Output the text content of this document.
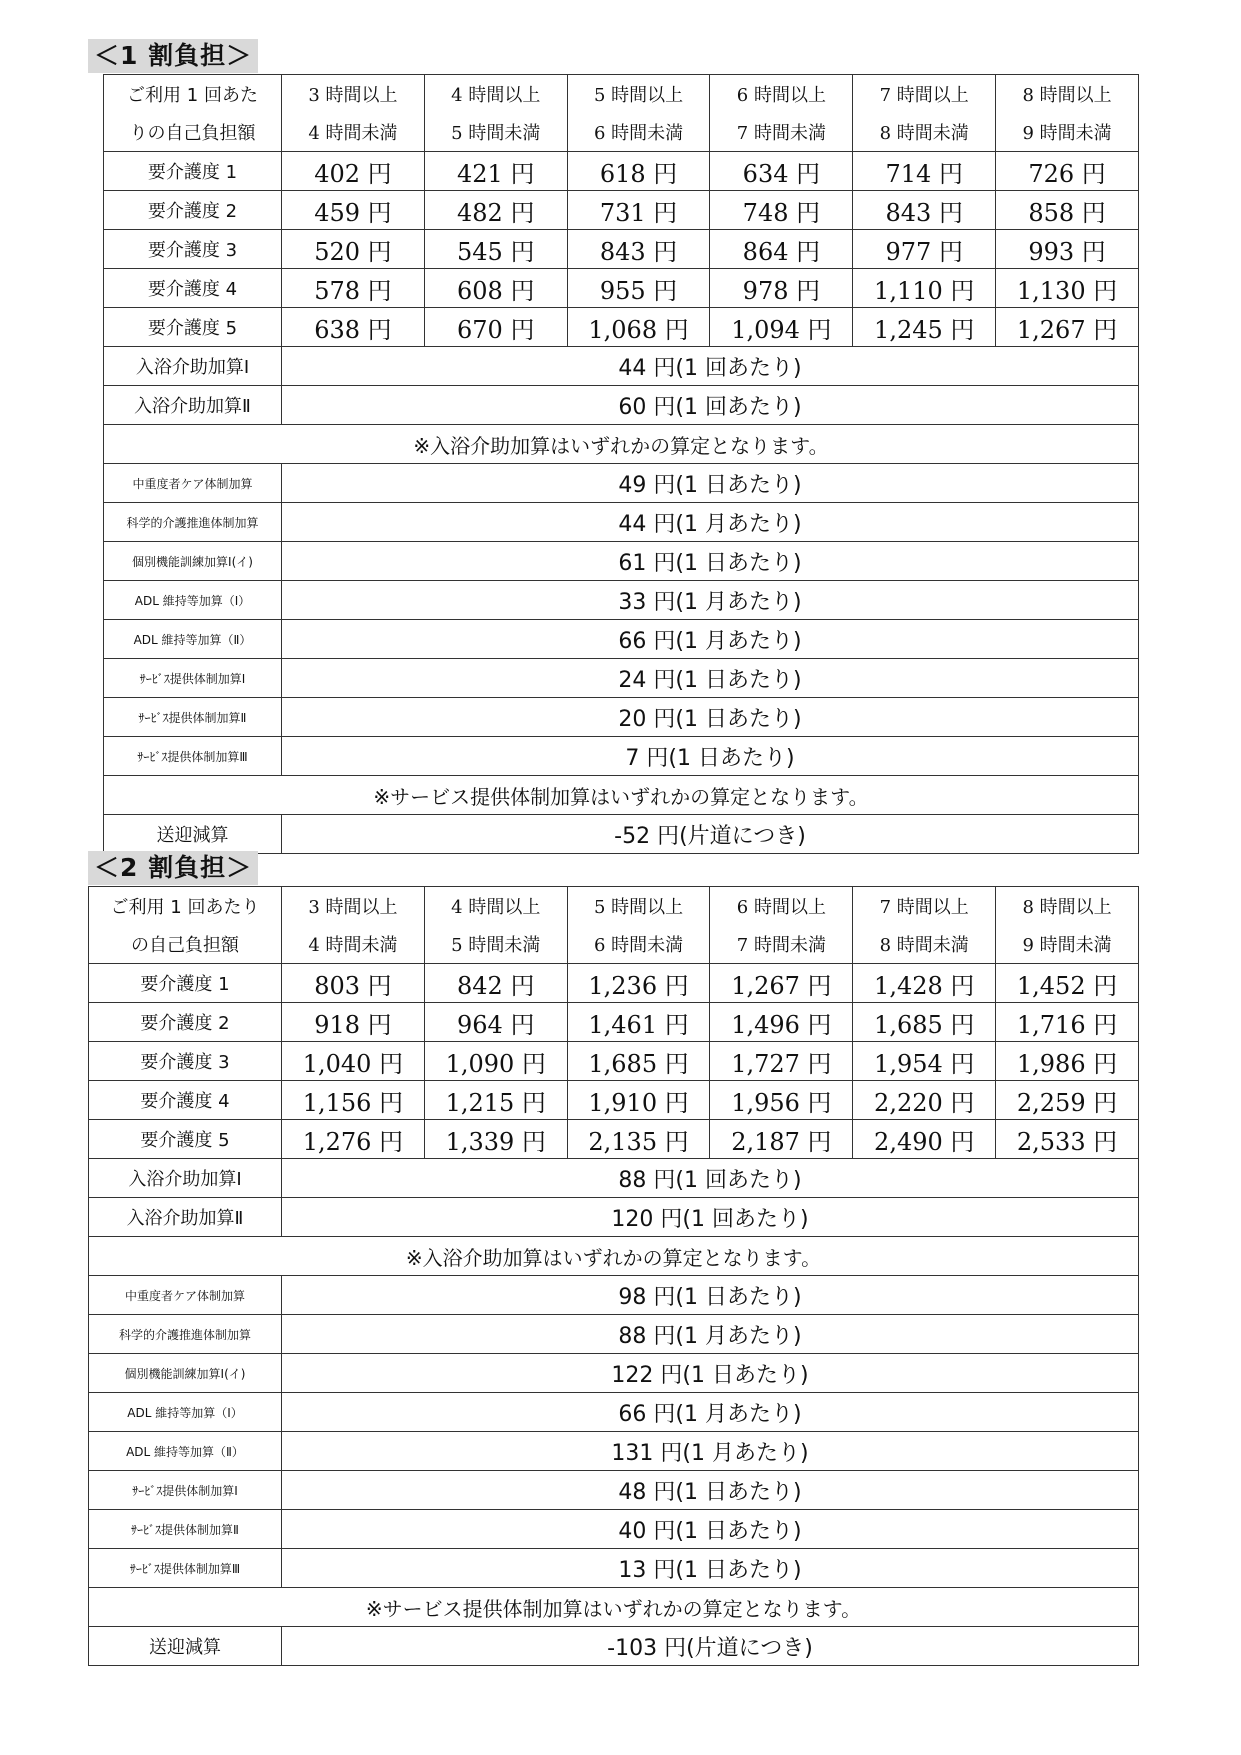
＜1 割負担＞
ご利用 1 回あた	3 時間以上	4 時間以上	5 時間以上	6 時間以上	7 時間以上	8 時間以上
りの自己負担額	4 時間未満	5 時間未満	6 時間未満	7 時間未満	8 時間未満	9 時間未満
要介護度 1	402 円	421 円	618 円	634 円	714 円	726 円
要介護度 2	459 円	482 円	731 円	748 円	843 円	858 円
要介護度 3	520 円	545 円	843 円	864 円	977 円	993 円
要介護度 4	578 円	608 円	955 円	978 円	1,110 円	1,130 円
要介護度 5	638 円	670 円	1,068 円	1,094 円	1,245 円	1,267 円
入浴介助加算Ⅰ	44 円(1 回あたり)					
入浴介助加算Ⅱ	60 円(1 回あたり)					
※入浴介助加算はいずれかの算定となります。						
中重度者ケア体制加算	49 円(1 日あたり)					
科学的介護推進体制加算	44 円(1 月あたり)					
個別機能訓練加算Ⅰ(イ)	61 円(1 日あたり)					
ADL 維持等加算（Ⅰ）	33 円(1 月あたり)					
ADL 維持等加算（Ⅱ）	66 円(1 月あたり)					
ｻｰﾋﾞｽ提供体制加算Ⅰ	24 円(1 日あたり)					
ｻｰﾋﾞｽ提供体制加算Ⅱ	20 円(1 日あたり)					
ｻｰﾋﾞｽ提供体制加算Ⅲ	7 円(1 日あたり)					
※サービス提供体制加算はいずれかの算定となります。						
送迎減算	-52 円(片道につき)					
＜2 割負担＞
ご利用 1 回あたり	3 時間以上	4 時間以上	5 時間以上	6 時間以上	7 時間以上	8 時間以上
の自己負担額	4 時間未満	5 時間未満	6 時間未満	7 時間未満	8 時間未満	9 時間未満
要介護度 1	803 円	842 円	1,236 円	1,267 円	1,428 円	1,452 円
要介護度 2	918 円	964 円	1,461 円	1,496 円	1,685 円	1,716 円
要介護度 3	1,040 円	1,090 円	1,685 円	1,727 円	1,954 円	1,986 円
要介護度 4	1,156 円	1,215 円	1,910 円	1,956 円	2,220 円	2,259 円
要介護度 5	1,276 円	1,339 円	2,135 円	2,187 円	2,490 円	2,533 円
入浴介助加算Ⅰ	88 円(1 回あたり)					
入浴介助加算Ⅱ	120 円(1 回あたり)					
※入浴介助加算はいずれかの算定となります。						
中重度者ケア体制加算	98 円(1 日あたり)					
科学的介護推進体制加算	88 円(1 月あたり)					
個別機能訓練加算Ⅰ(イ)	122 円(1 日あたり)					
ADL 維持等加算（Ⅰ）	66 円(1 月あたり)					
ADL 維持等加算（Ⅱ）	131 円(1 月あたり)					
ｻｰﾋﾞｽ提供体制加算Ⅰ	48 円(1 日あたり)					
ｻｰﾋﾞｽ提供体制加算Ⅱ	40 円(1 日あたり)					
ｻｰﾋﾞｽ提供体制加算Ⅲ	13 円(1 日あたり)					
※サービス提供体制加算はいずれかの算定となります。						
送迎減算	-103 円(片道につき)					
